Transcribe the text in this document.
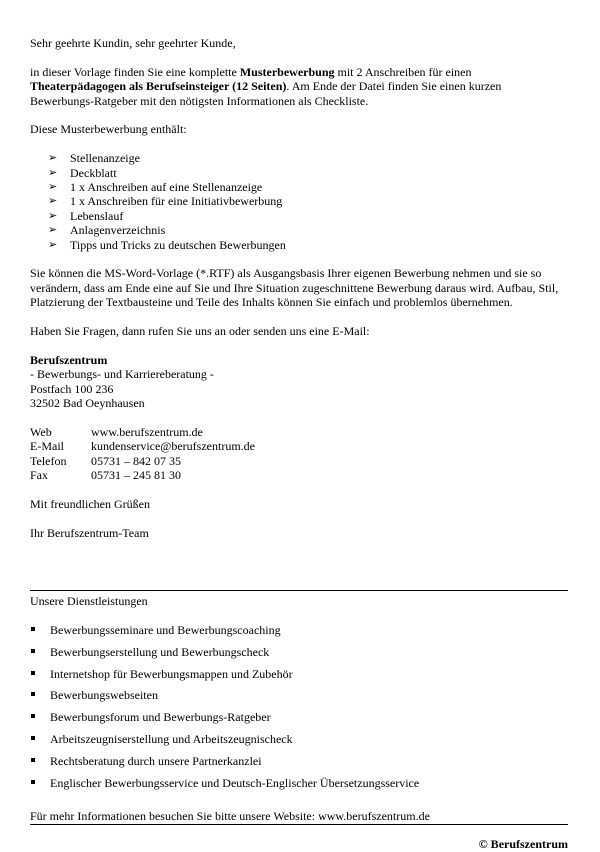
Sehr geehrte Kundin, sehr geehrter Kunde,

in dieser Vorlage finden Sie eine komplette Musterbewerbung mit 2 Anschreiben für einen Theaterpädagogen als Berufseinsteiger (12 Seiten). Am Ende der Datei finden Sie einen kurzen Bewerbungs-Ratgeber mit den nötigsten Informationen als Checkliste.

Diese Musterbewerbung enthält:

➢ Stellenanzeige
➢ Deckblatt
➢ 1 x Anschreiben auf eine Stellenanzeige
➢ 1 x Anschreiben für eine Initiativbewerbung
➢ Lebenslauf
➢ Anlagenverzeichnis
➢ Tipps und Tricks zu deutschen Bewerbungen

Sie können die MS-Word-Vorlage (*.RTF) als Ausgangsbasis Ihrer eigenen Bewerbung nehmen und sie so verändern, dass am Ende eine auf Sie und Ihre Situation zugeschnittene Bewerbung daraus wird. Aufbau, Stil, Platzierung der Textbausteine und Teile des Inhalts können Sie einfach und problemlos übernehmen.

Haben Sie Fragen, dann rufen Sie uns an oder senden uns eine E-Mail:

Berufszentrum

- Bewerbungs- und Karriereberatung -

Postfach 100 236

32502 Bad Oeynhausen

Web	www.berufszentrum.de
E-Mail	kundenservice@berufszentrum.de
Telefon	05731 – 842 07 35
Fax	05731 – 245 81 30

Mit freundlichen Grüßen

Ihr Berufszentrum-Team

Unsere Dienstleistungen

Bewerbungsseminare und Bewerbungscoaching
Bewerbungserstellung und Bewerbungscheck
Internetshop für Bewerbungsmappen und Zubehör
Bewerbungswebseiten
Bewerbungsforum und Bewerbungs-Ratgeber
Arbeitszeugniserstellung und Arbeitszeugnischeck
Rechtsberatung durch unsere Partnerkanzlei
Englischer Bewerbungsservice und Deutsch-Englischer Übersetzungsservice

Für mehr Informationen besuchen Sie bitte unsere Website: www.berufszentrum.de

© Berufszentrum
